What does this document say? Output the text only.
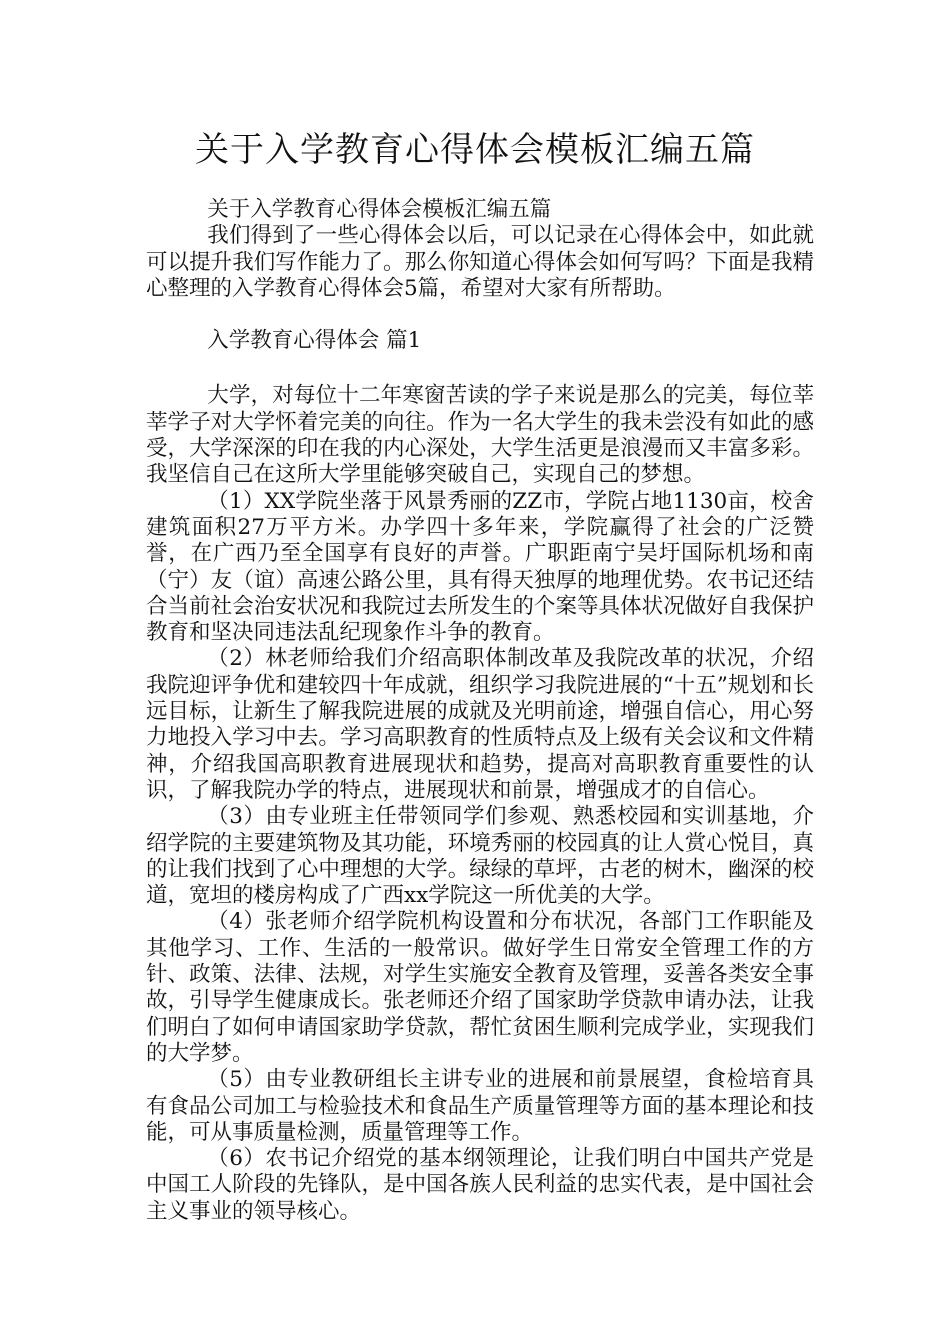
关于入学教育心得体会模板汇编五篇

关于入学教育心得体会模板汇编五篇

我们得到了一些心得体会以后，可以记录在心得体会中，如此就可以提升我们写作能力了。那么你知道心得体会如何写吗？下面是我精心整理的入学教育心得体会5篇，希望对大家有所帮助。

入学教育心得体会 篇1

大学，对每位十二年寒窗苦读的学子来说是那么的完美，每位莘莘学子对大学怀着完美的向往。作为一名大学生的我未尝没有如此的感受，大学深深的印在我的内心深处，大学生活更是浪漫而又丰富多彩。我坚信自己在这所大学里能够突破自己，实现自己的梦想。

（1）XX学院坐落于风景秀丽的ZZ市，学院占地1130亩，校舍建筑面积27万平方米。办学四十多年来，学院赢得了社会的广泛赞誉，在广西乃至全国享有良好的声誉。广职距南宁吴圩国际机场和南（宁）友（谊）高速公路公里，具有得天独厚的地理优势。农书记还结合当前社会治安状况和我院过去所发生的个案等具体状况做好自我保护教育和坚决同违法乱纪现象作斗争的教育。

（2）林老师给我们介绍高职体制改革及我院改革的状况，介绍我院迎评争优和建较四十年成就，组织学习我院进展的“十五”规划和长远目标，让新生了解我院进展的成就及光明前途，增强自信心，用心努力地投入学习中去。学习高职教育的性质特点及上级有关会议和文件精神，介绍我国高职教育进展现状和趋势，提高对高职教育重要性的认识，了解我院办学的特点，进展现状和前景，增强成才的自信心。

（3）由专业班主任带领同学们参观、熟悉校园和实训基地，介绍学院的主要建筑物及其功能，环境秀丽的校园真的让人赏心悦目，真的让我们找到了心中理想的大学。绿绿的草坪，古老的树木，幽深的校道，宽坦的楼房构成了广西xx学院这一所优美的大学。

（4）张老师介绍学院机构设置和分布状况，各部门工作职能及其他学习、工作、生活的一般常识。做好学生日常安全管理工作的方针、政策、法律、法规，对学生实施安全教育及管理，妥善各类安全事故，引导学生健康成长。张老师还介绍了国家助学贷款申请办法，让我们明白了如何申请国家助学贷款，帮忙贫困生顺利完成学业，实现我们的大学梦。

（5）由专业教研组长主讲专业的进展和前景展望，食检培育具有食品公司加工与检验技术和食品生产质量管理等方面的基本理论和技能，可从事质量检测，质量管理等工作。

（6）农书记介绍党的基本纲领理论，让我们明白中国共产党是中国工人阶段的先锋队，是中国各族人民利益的忠实代表，是中国社会主义事业的领导核心。
